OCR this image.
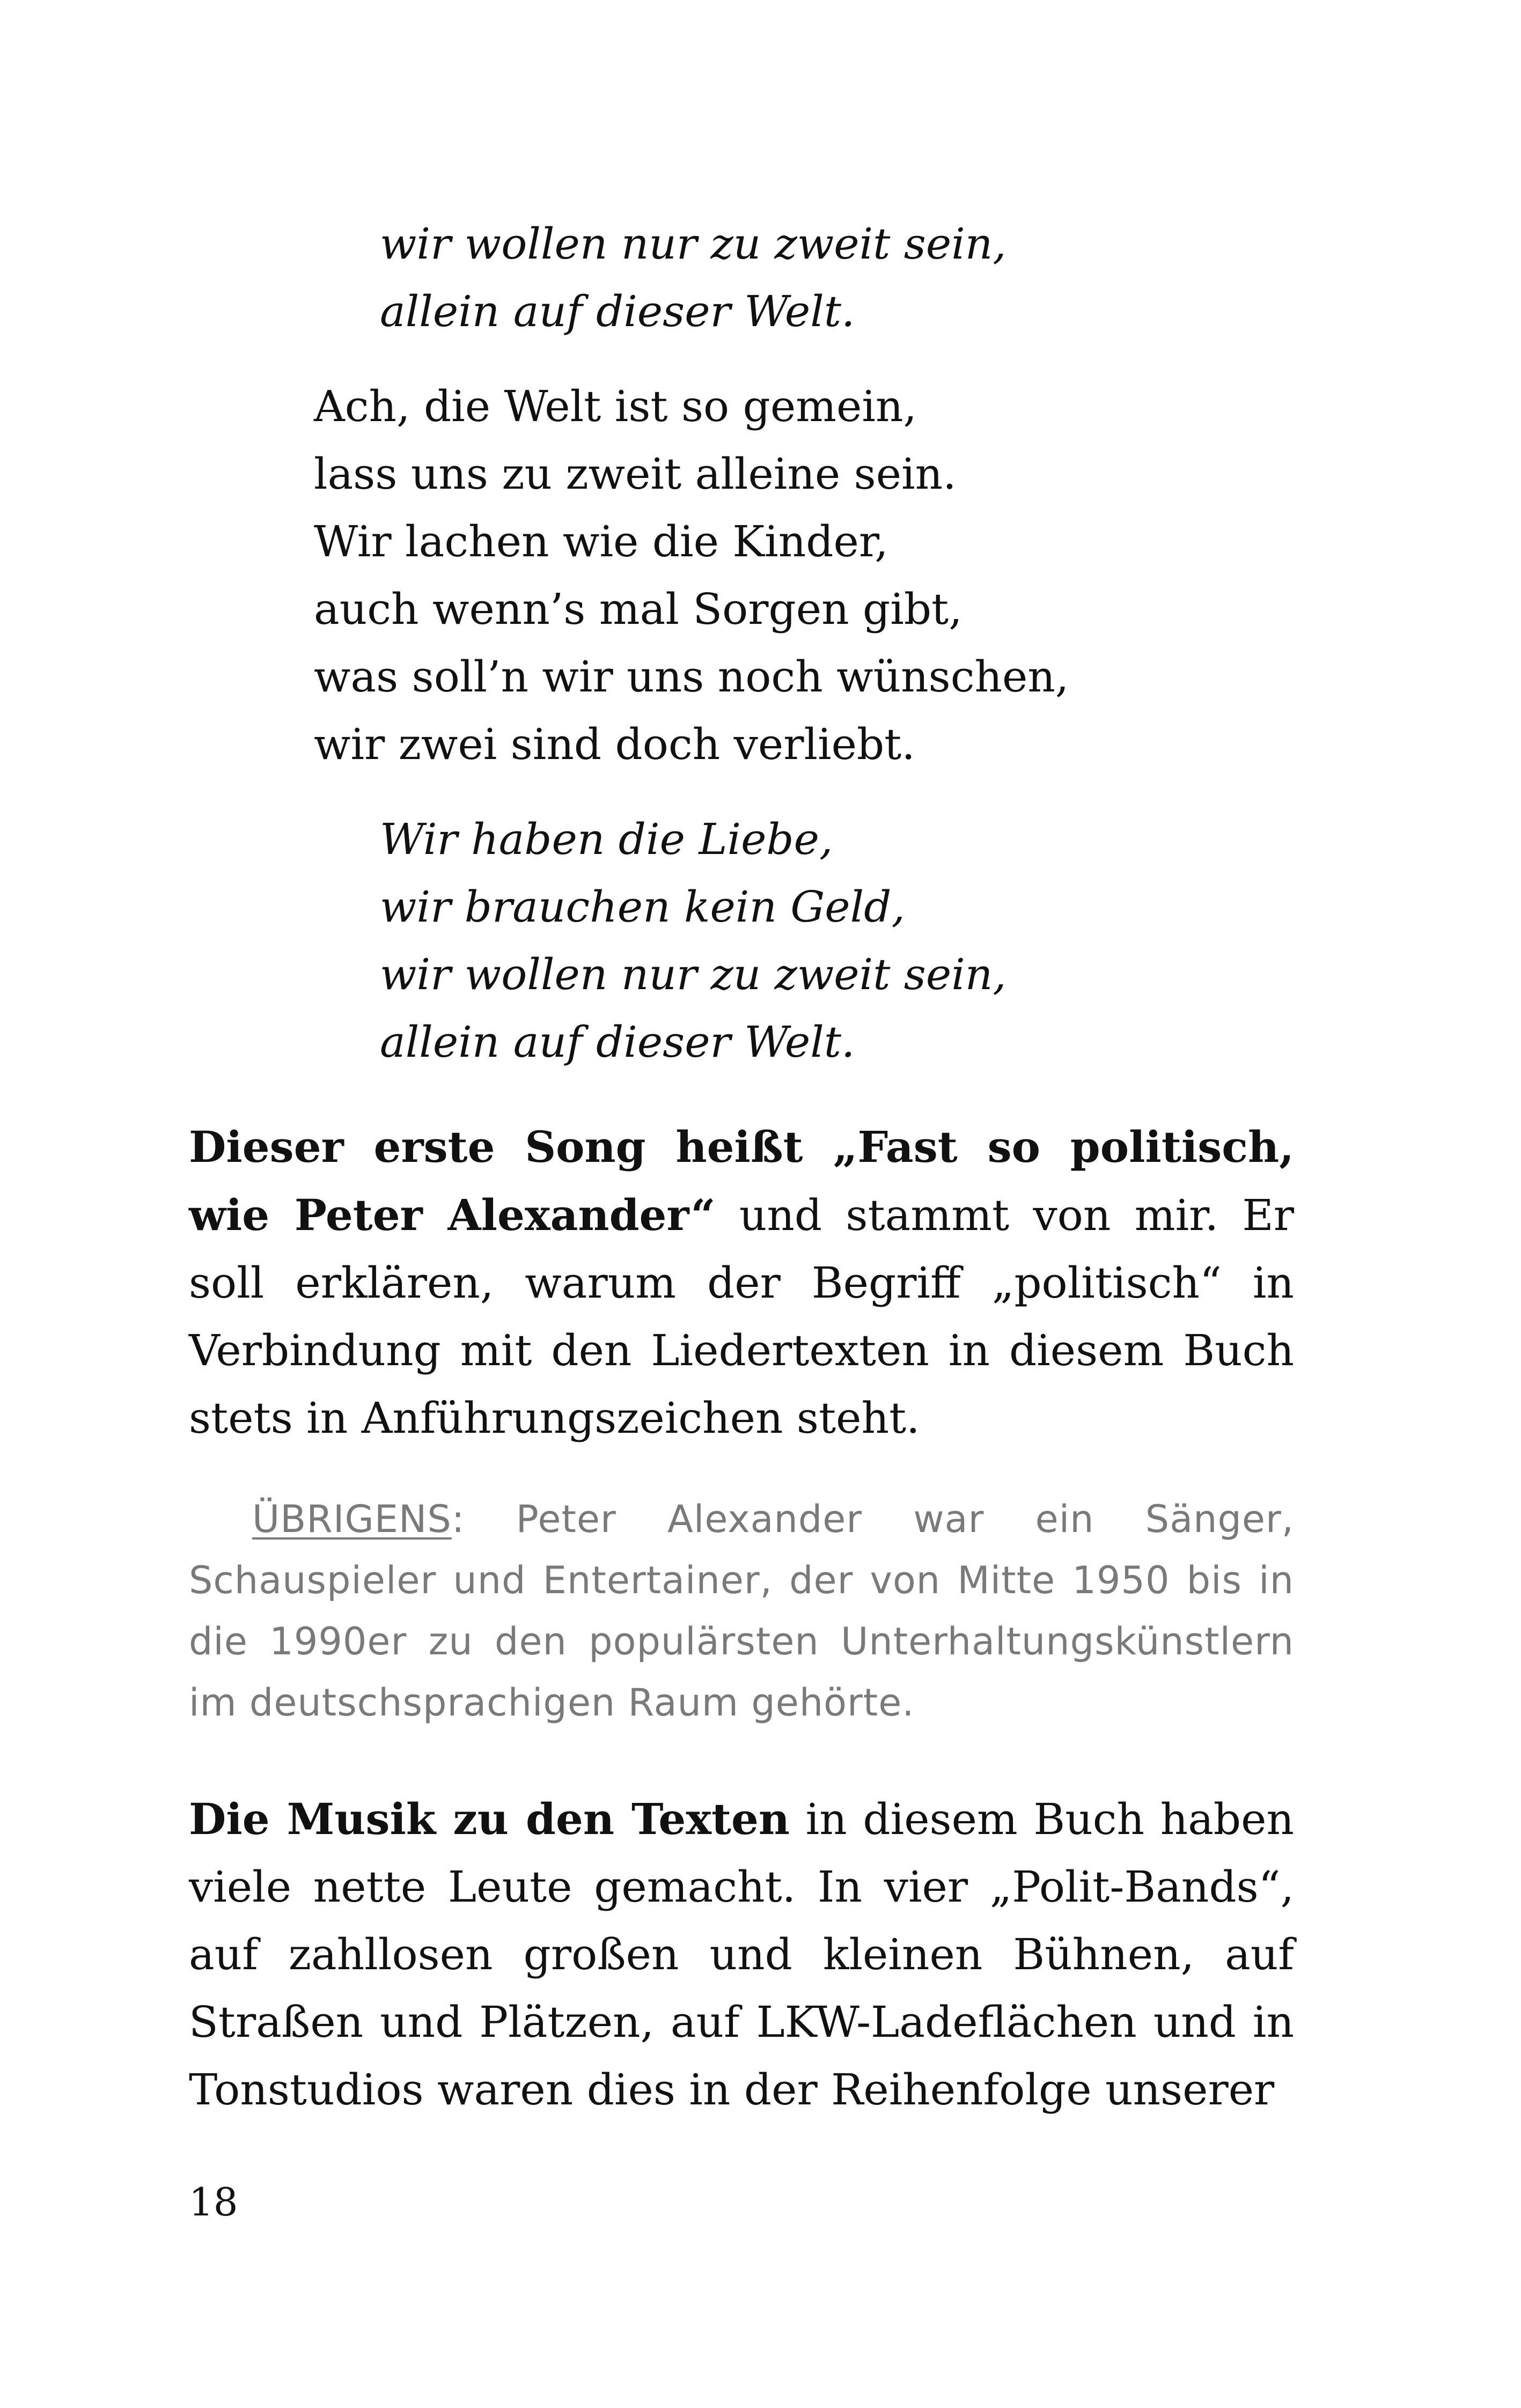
wir wollen nur zu zweit sein,
allein auf dieser Welt.
Ach, die Welt ist so gemein,
lass uns zu zweit alleine sein.
Wir lachen wie die Kinder,
auch wenn’s mal Sorgen gibt,
was soll’n wir uns noch wünschen,
wir zwei sind doch verliebt.
Wir haben die Liebe,
wir brauchen kein Geld,
wir wollen nur zu zweit sein,
allein auf dieser Welt.

Dieser erste Song heißt „Fast so politisch, wie Peter Alexander“ und stammt von mir. Er soll erklären, warum der Begriff „politisch“ in Verbindung mit den Liedertexten in diesem Buch stets in Anführungszeichen steht.

ÜBRIGENS: Peter Alexander war ein Sänger, Schauspieler und Entertainer, der von Mitte 1950 bis in die 1990er zu den populärsten Unterhaltungskünstlern im deutschsprachigen Raum gehörte.

Die Musik zu den Texten in diesem Buch haben viele nette Leute gemacht. In vier „Polit-Bands“, auf zahllosen großen und kleinen Bühnen, auf Straßen und Plätzen, auf LKW-Ladeflächen und in Tonstudios waren dies in der Reihenfolge unserer

18
